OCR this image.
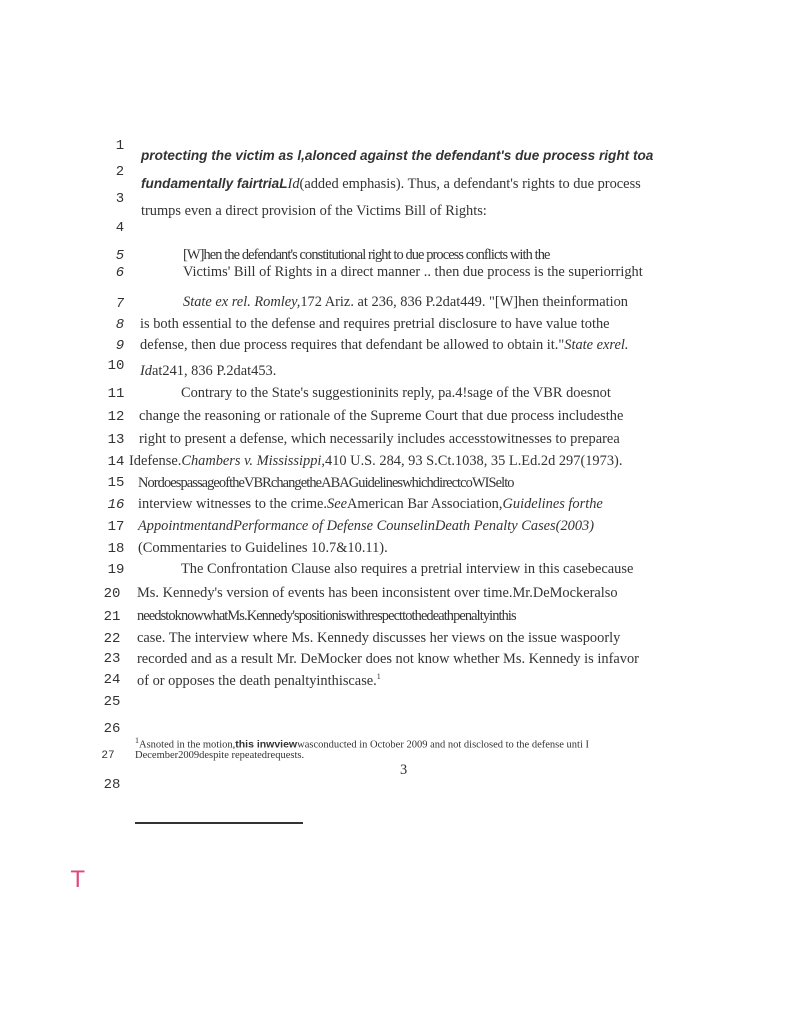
1
2
3
4
5
6
7
8
9
10
11
12
13
14
15
16
17
18
19
20
21
22
23
24
25
26
27
28
protecting the victim as l,alonced against the defendant's due process right toa
fundamentally fairtriaLId(added emphasis). Thus, a defendant's rights to due process
trumps even a direct provision of the Victims Bill of Rights:
[W]hen the defendant's constitutional right to due process conflicts with the
Victims' Bill of Rights in a direct manner .. then due process is the superiorright
State ex rel. Romley,172 Ariz. at 236, 836 P.2dat449. "[W]hen theinformation
is both essential to the defense and requires pretrial disclosure to have value tothe
defense, then due process requires that defendant be allowed to obtain it."State exrel.
Idat241, 836 P.2dat453.
Contrary to the State's suggestioninits reply, pa.4!sage of the VBR doesnot
change the reasoning or rationale of the Supreme Court that due process includesthe
right to present a defense, which necessarily includes accesstowitnesses to preparea
Idefense.Chambers v. Mississippi,410 U.S. 284, 93 S.Ct.1038, 35 L.Ed.2d 297(1973).
NordoespassageoftheVBRchangetheABAGuidelineswhichdirectcoWISelto
interview witnesses to the crime.SeeAmerican Bar Association,Guidelines forthe
AppointmentandPerformance of Defense CounselinDeath Penalty Cases(2003)
(Commentaries to Guidelines 10.7&10.11).
The Confrontation Clause also requires a pretrial interview in this casebecause
Ms. Kennedy's version of events has been inconsistent over time.Mr.DeMockeralso
needstoknowwhatMs.Kennedy'spositioniswithrespecttothedeathpenaltyinthis
case. The interview where Ms. Kennedy discusses her views on the issue waspoorly
recorded and as a result Mr. DeMocker does not know whether Ms. Kennedy is infavor
of or opposes the death penaltyinthiscase.$^1$
$^1$Asnoted in the motion,this inwviewwasconducted in October 2009 and not disclosed to the defense unti I
December2009despite repeatedrequests.
3
T
